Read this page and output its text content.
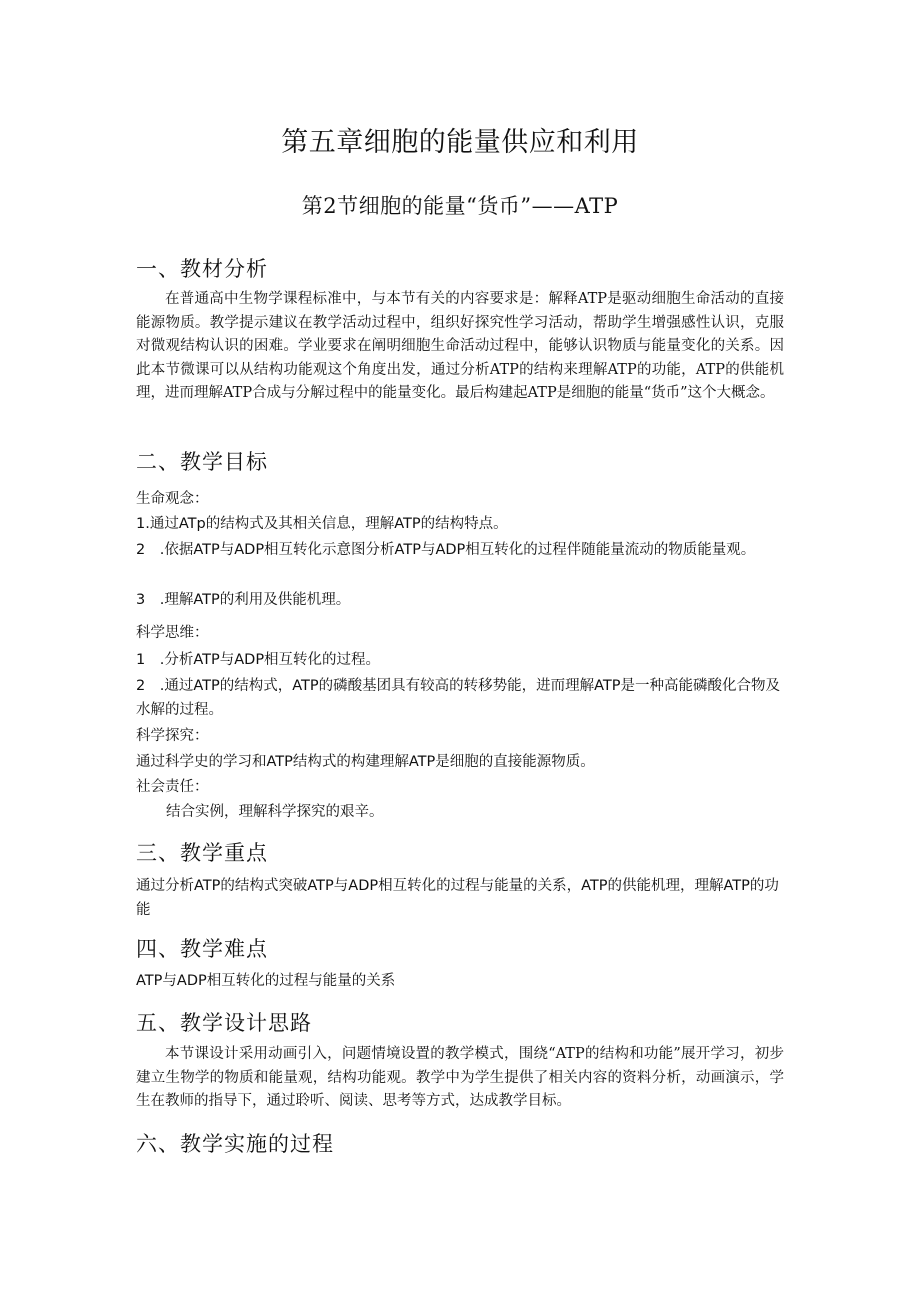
第五章细胞的能量供应和利用
第2节细胞的能量“货币”——ATP
一、教材分析
在普通高中生物学课程标准中，与本节有关的内容要求是：解释ATP是驱动细胞生命活动的直接能源物质。教学提示建议在教学活动过程中，组织好探究性学习活动，帮助学生增强感性认识，克服对微观结构认识的困难。学业要求在阐明细胞生命活动过程中，能够认识物质与能量变化的关系。因此本节微课可以从结构功能观这个角度出发，通过分析ATP的结构来理解ATP的功能，ATP的供能机理，进而理解ATP合成与分解过程中的能量变化。最后构建起ATP是细胞的能量“货币”这个大概念。
二、教学目标
生命观念：
1.通过ATp的结构式及其相关信息，理解ATP的结构特点。
2　.依据ATP与ADP相互转化示意图分析ATP与ADP相互转化的过程伴随能量流动的物质能量观。
3　.理解ATP的利用及供能机理。
科学思维：
1　.分析ATP与ADP相互转化的过程。
2　.通过ATP的结构式，ATP的磷酸基团具有较高的转移势能，进而理解ATP是一种高能磷酸化合物及水解的过程。
科学探究：
通过科学史的学习和ATP结构式的构建理解ATP是细胞的直接能源物质。
社会责任：
结合实例，理解科学探究的艰辛。
三、教学重点
通过分析ATP的结构式突破ATP与ADP相互转化的过程与能量的关系，ATP的供能机理，理解ATP的功能
四、教学难点
ATP与ADP相互转化的过程与能量的关系
五、教学设计思路
本节课设计采用动画引入，问题情境设置的教学模式，围绕“ATP的结构和功能”展开学习，初步建立生物学的物质和能量观，结构功能观。教学中为学生提供了相关内容的资料分析，动画演示，学生在教师的指导下，通过聆听、阅读、思考等方式，达成教学目标。
六、教学实施的过程
